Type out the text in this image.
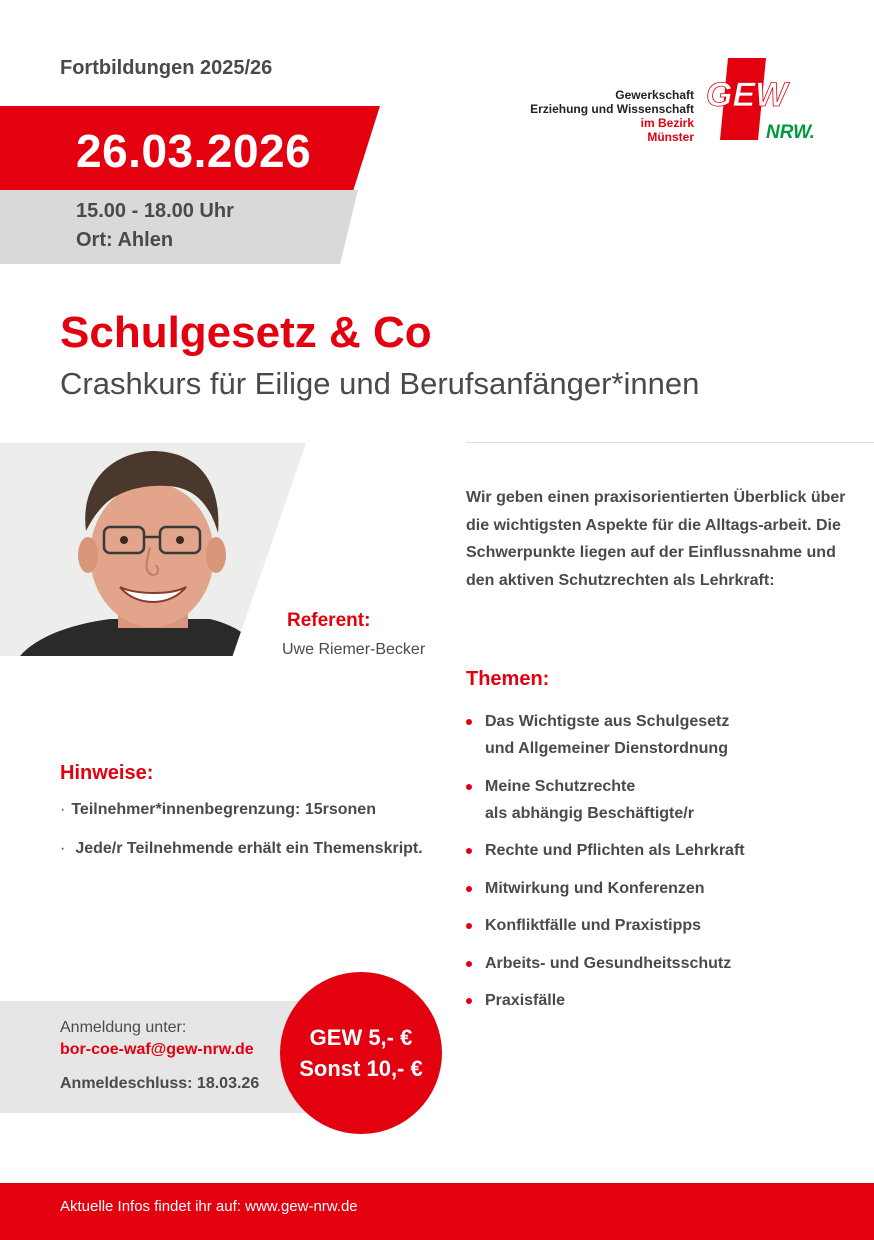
Fortbildungen 2025/26
26.03.2026
15.00 - 18.00 Uhr
Ort: Ahlen
Gewerkschaft
Erziehung und Wissenschaft
im Bezirk
Münster
GEW
NRW.
Schulgesetz & Co
Crashkurs für Eilige und Berufsanfänger*innen
Referent:
Uwe Riemer-Becker
Wir geben einen praxisorientierten Überblick über die wichtigsten Aspekte für die Alltags-arbeit. Die Schwerpunkte liegen auf der Einflussnahme und den aktiven Schutzrechten als Lehrkraft:
Themen:
Das Wichtigste aus Schulgesetz
und Allgemeiner Dienstordnung
Meine Schutzrechte
als abhängig Beschäftigte/r
Rechte und Pflichten als Lehrkraft
Mitwirkung und Konferenzen
Konfliktfälle und Praxistipps
Arbeits- und Gesundheitsschutz
Praxisfälle
Hinweise:
· Teilnehmer*innenbegrenzung: 15rsonen
· Jede/r Teilnehmende erhält ein Themenskript.
Anmeldung unter:
bor-coe-waf@gew-nrw.de
Anmeldeschluss: 18.03.26
GEW 5,- €
Sonst 10,- €
Aktuelle Infos findet ihr auf: www.gew-nrw.de
